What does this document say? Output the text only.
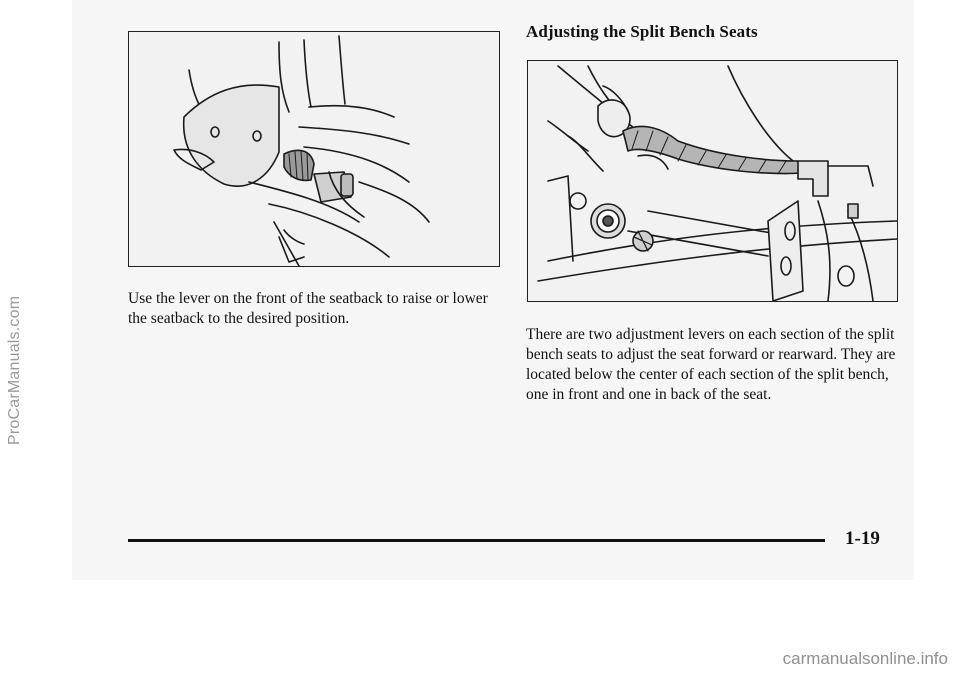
ProCarManuals.com
carmanualsonline.info
Adjusting the Split Bench Seats

Use the lever on the front of the seatback to raise or lower the seatback to the desired position.

There are two adjustment levers on each section of the split bench seats to adjust the seat forward or rearward. They are located below the center of each section of the split bench, one in front and one in back of the seat.

1-19
